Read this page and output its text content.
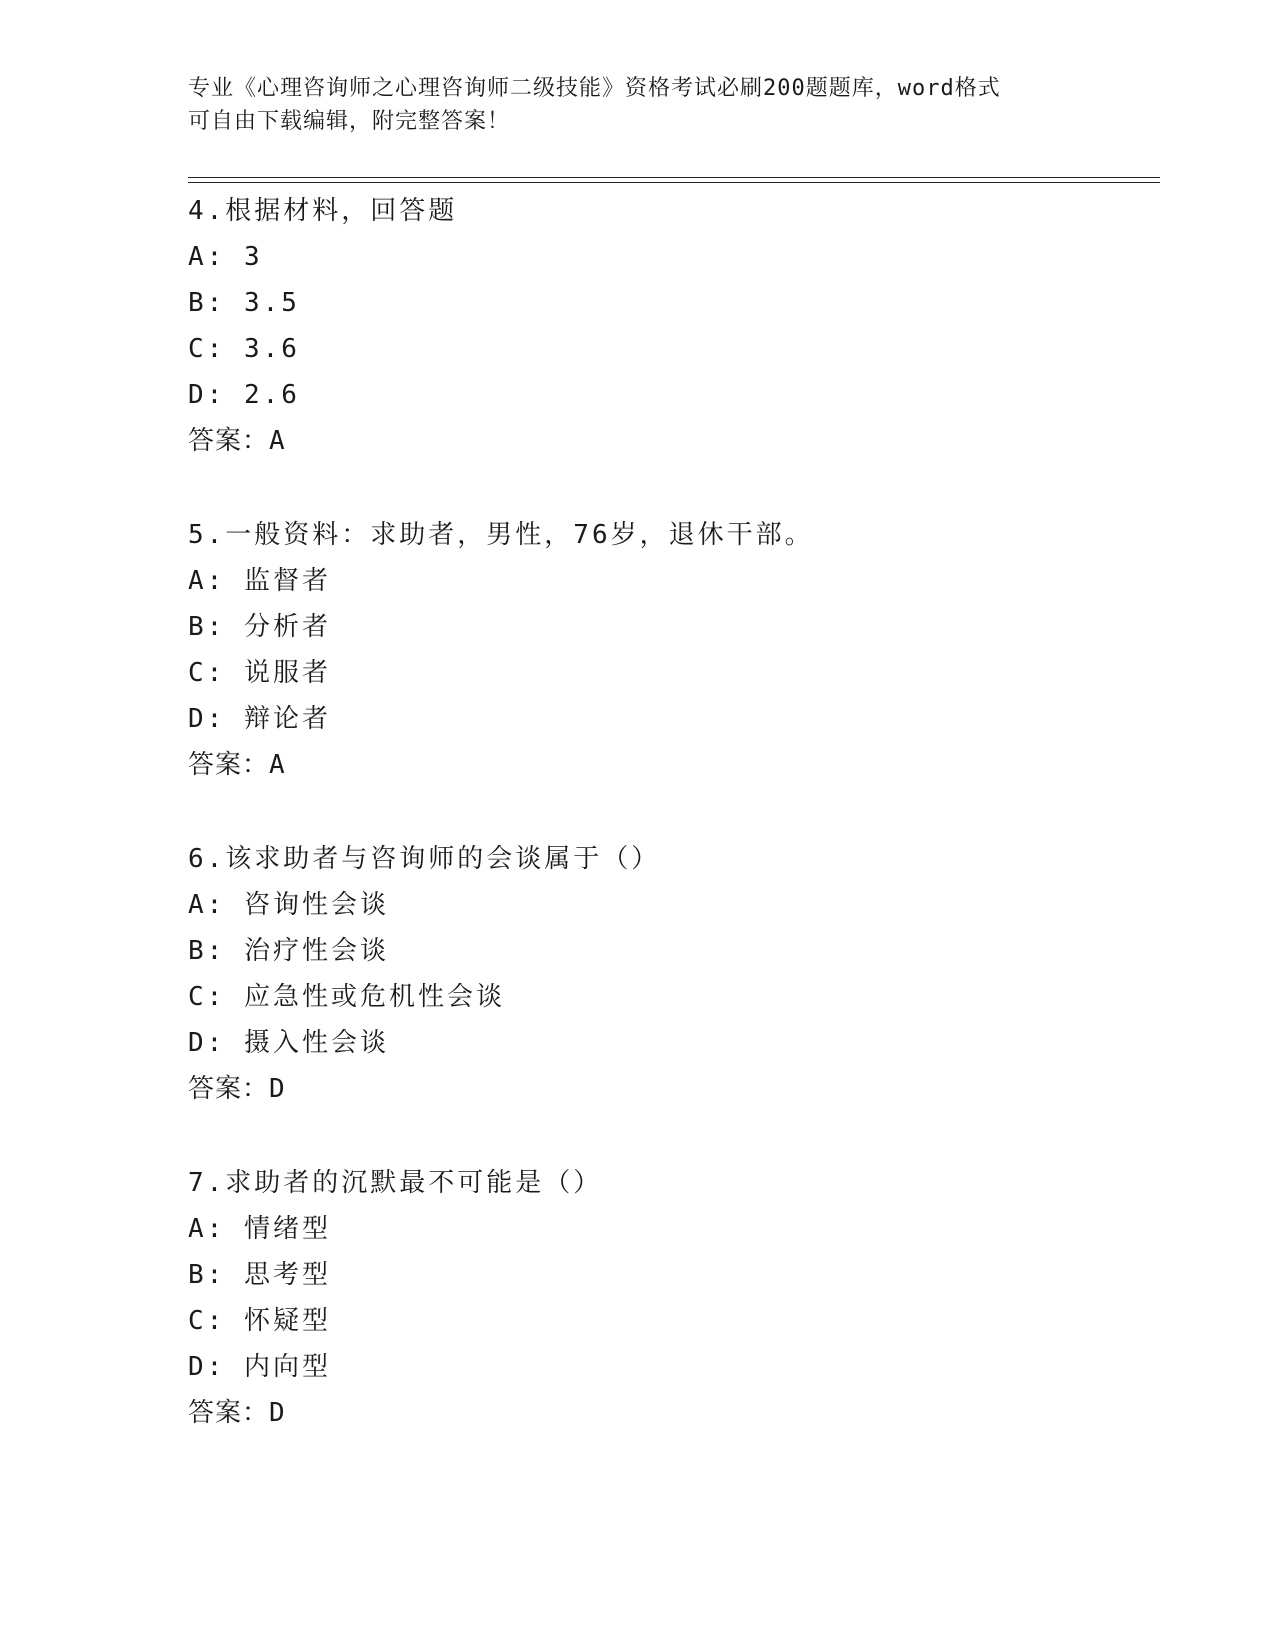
专业《心理咨询师之心理咨询师二级技能》资格考试必刷200题题库，word格式
可自由下载编辑，附完整答案！
4.根据材料，回答题
A: 3
B: 3.5
C: 3.6
D: 2.6
答案：A
5.一般资料：求助者，男性，76岁，退休干部。
A: 监督者
B: 分析者
C: 说服者
D: 辩论者
答案：A
6.该求助者与咨询师的会谈属于（）
A: 咨询性会谈
B: 治疗性会谈
C: 应急性或危机性会谈
D: 摄入性会谈
答案：D
7.求助者的沉默最不可能是（）
A: 情绪型
B: 思考型
C: 怀疑型
D: 内向型
答案：D
